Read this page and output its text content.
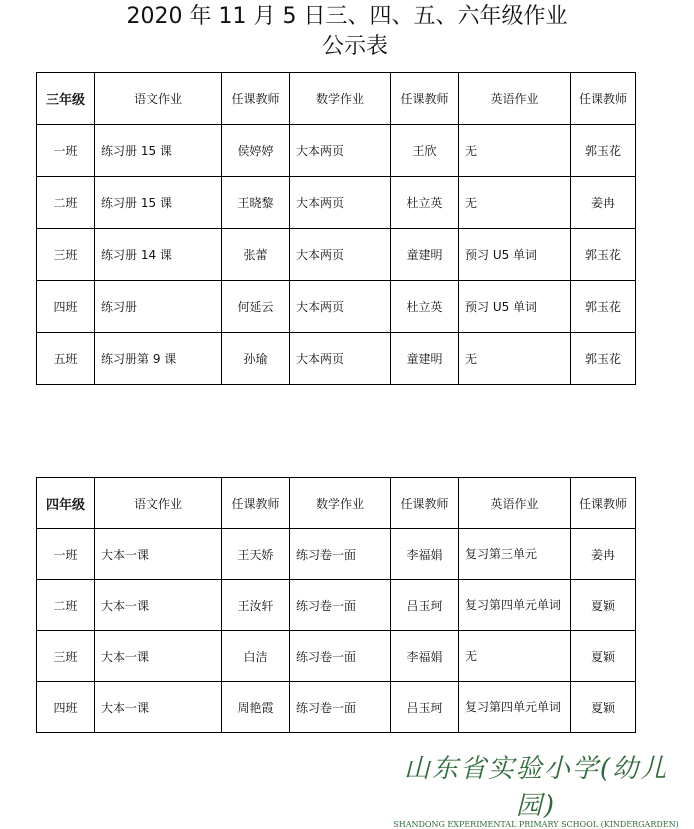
2020 年 11 月 5 日三、四、五、六年级作业
公示表
三年级	语文作业	任课教师	数学作业	任课教师	英语作业	任课教师
一班	练习册 15 课	侯婷婷	大本两页	王欣	无	郭玉花
二班	练习册 15 课	王晓黎	大本两页	杜立英	无	姜冉
三班	练习册 14 课	张蕾	大本两页	童建明	预习 U5 单词	郭玉花
四班	练习册	何延云	大本两页	杜立英	预习 U5 单词	郭玉花
五班	练习册第 9 课	孙瑜	大本两页	童建明	无	郭玉花
四年级	语文作业	任课教师	数学作业	任课教师	英语作业	任课教师
一班	大本一课	王天娇	练习卷一面	李福娟	复习第三单元	姜冉
二班	大本一课	王汝轩	练习卷一面	吕玉珂	复习第四单元单词	夏颖
三班	大本一课	白洁	练习卷一面	李福娟	无	夏颖
四班	大本一课	周艳霞	练习卷一面	吕玉珂	复习第四单元单词	夏颖
山东省实验小学(幼儿园)
SHANDONG EXPERIMENTAL PRIMARY SCHOOL (KINDERGARDEN)
